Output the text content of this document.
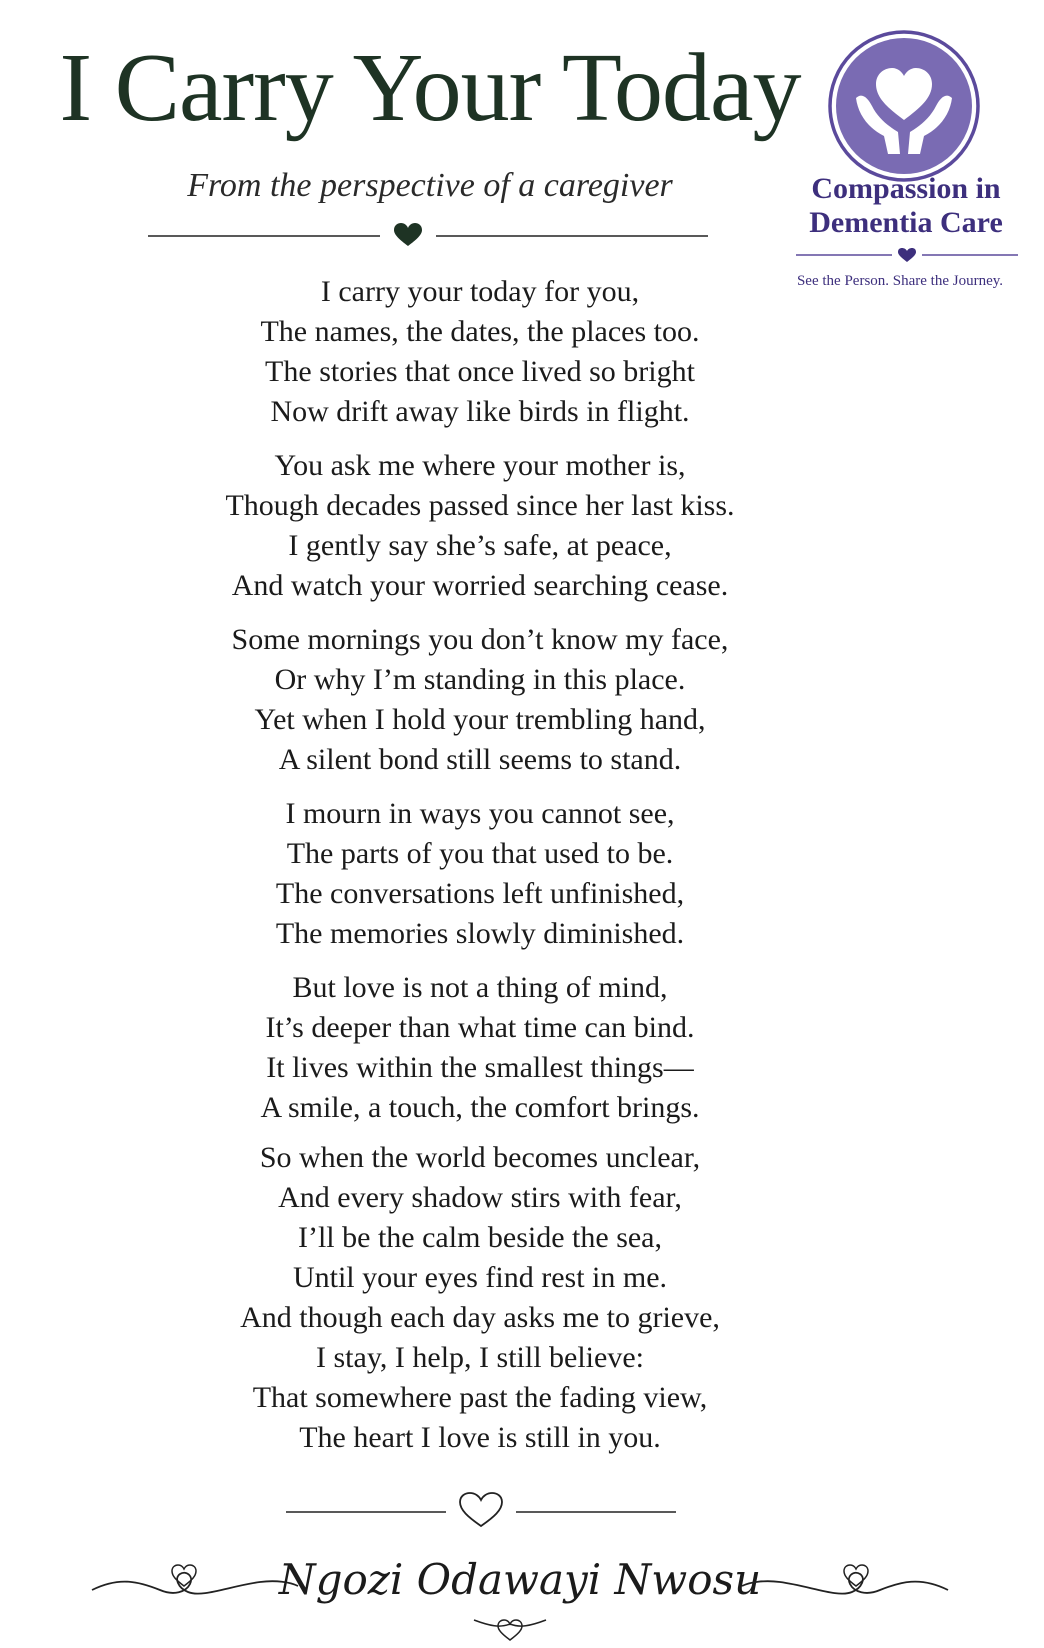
I Carry Your Today
From the perspective of a caregiver	Compassion in
Dementia Care
See the Person. Share the Journey.
I carry your today for you,
The names, the dates, the places too.
The stories that once lived so bright
Now drift away like birds in flight.
You ask me where your mother is,
Though decades passed since her last kiss.
I gently say she’s safe, at peace,
And watch your worried searching cease.
Some mornings you don’t know my face,
Or why I’m standing in this place.
Yet when I hold your trembling hand,
A silent bond still seems to stand.
I mourn in ways you cannot see,
The parts of you that used to be.
The conversations left unfinished,
The memories slowly diminished.
But love is not a thing of mind,
It’s deeper than what time can bind.
It lives within the smallest things—
A smile, a touch, the comfort brings.
So when the world becomes unclear,
And every shadow stirs with fear,
I’ll be the calm beside the sea,
Until your eyes find rest in me.
And though each day asks me to grieve,
I stay, I help, I still believe:
That somewhere past the fading view,
The heart I love is still in you.
Ngozi Odawayi Nwosu
